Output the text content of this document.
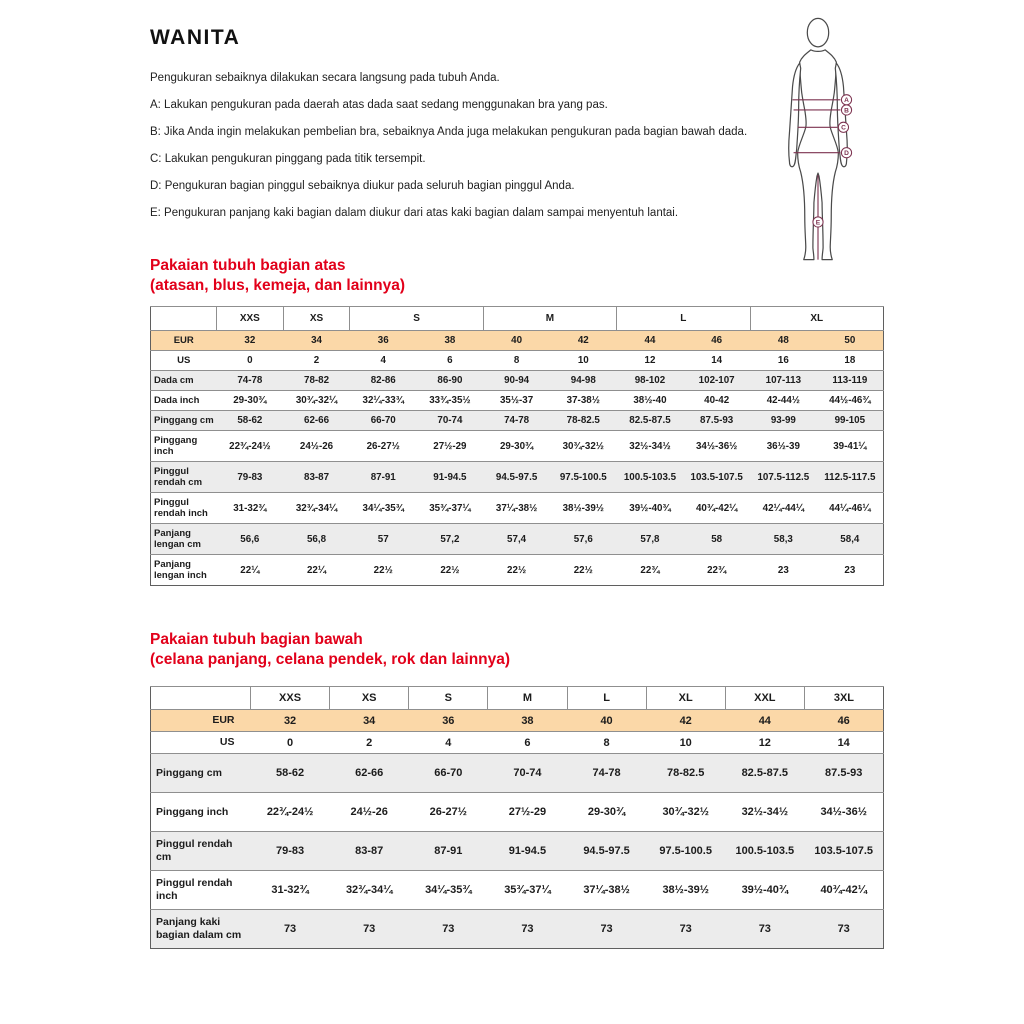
WANITA

Pengukuran sebaiknya dilakukan secara langsung pada tubuh Anda.

A: Lakukan pengukuran pada daerah atas dada saat sedang menggunakan bra yang pas.

B: Jika Anda ingin melakukan pembelian bra, sebaiknya Anda juga melakukan pengukuran pada bagian bawah dada.

C: Lakukan pengukuran pinggang pada titik tersempit.

D: Pengukuran bagian pinggul sebaiknya diukur pada seluruh bagian pinggul Anda.

E: Pengukuran panjang kaki bagian dalam diukur dari atas kaki bagian dalam sampai menyentuh lantai.

A
B
C
D
E
Pakaian tubuh bagian atas
(atasan, blus, kemeja, dan lainnya)
	XXS	XS	S		M		L		XL	
EUR	32	34	36	38	40	42	44	46	48	50
US	0	2	4	6	8	10	12	14	16	18
Dada cm	74-78	78-82	82-86	86-90	90-94	94-98	98-102	102-107	107-113	113-119
Dada inch	29-30¾	30¾-32¼	32¼-33¾	33¾-35½	35½-37	37-38½	38½-40	40-42	42-44½	44½-46¾
Pinggang cm	58-62	62-66	66-70	70-74	74-78	78-82.5	82.5-87.5	87.5-93	93-99	99-105
Pinggang inch	22¾-24½	24½-26	26-27½	27½-29	29-30¾	30¾-32½	32½-34½	34½-36½	36½-39	39-41¼
Pinggul rendah cm	79-83	83-87	87-91	91-94.5	94.5-97.5	97.5-100.5	100.5-103.5	103.5-107.5	107.5-112.5	112.5-117.5
Pinggul rendah inch	31-32¾	32¾-34¼	34¼-35¾	35¾-37¼	37¼-38½	38½-39½	39½-40¾	40¾-42¼	42¼-44¼	44¼-46¼
Panjang lengan cm	56,6	56,8	57	57,2	57,4	57,6	57,8	58	58,3	58,4
Panjang lengan inch	22¼	22¼	22½	22½	22½	22½	22¾	22¾	23	23
Pakaian tubuh bagian bawah
(celana panjang, celana pendek, rok dan lainnya)
	XXS	XS	S	M	L	XL	XXL	3XL
EUR	32	34	36	38	40	42	44	46
US	0	2	4	6	8	10	12	14
Pinggang cm	58-62	62-66	66-70	70-74	74-78	78-82.5	82.5-87.5	87.5-93
Pinggang inch	22¾-24½	24½-26	26-27½	27½-29	29-30¾	30¾-32½	32½-34½	34½-36½
Pinggul rendah cm	79-83	83-87	87-91	91-94.5	94.5-97.5	97.5-100.5	100.5-103.5	103.5-107.5
Pinggul rendah inch	31-32¾	32¾-34¼	34¼-35¾	35¾-37¼	37¼-38½	38½-39½	39½-40¾	40¾-42¼
Panjang kaki bagian dalam cm	73	73	73	73	73	73	73	73
